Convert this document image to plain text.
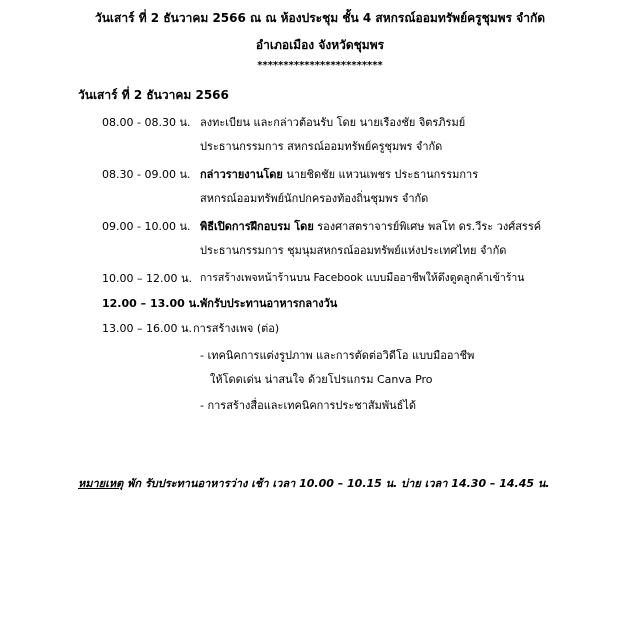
วันเสาร์ ที่ 2 ธันวาคม 2566 ณ ณ ห้องประชุม ชั้น 4 สหกรณ์ออมทรัพย์ครูชุมพร จำกัด
อำเภอเมือง จังหวัดชุมพร
************************
วันเสาร์ ที่ 2 ธันวาคม 2566
08.00 - 08.30 น. ลงทะเบียน และกล่าวต้อนรับ โดย นายเรืองชัย จิตรภิรมย์
ประธานกรรมการ สหกรณ์ออมทรัพย์ครูชุมพร จำกัด
08.30 - 09.00 น. กล่าวรายงานโดย นายชิดชัย แหวนเพชร ประธานกรรมการ
สหกรณ์ออมทรัพย์นักปกครองท้องถิ่นชุมพร จำกัด
09.00 - 10.00 น. พิธีเปิดการฝึกอบรม โดย รองศาสตราจารย์พิเศษ พลโท ดร.วีระ วงศ์สรรค์
ประธานกรรมการ ชุมนุมสหกรณ์ออมทรัพย์แห่งประเทศไทย จำกัด
10.00 – 12.00 น. การสร้างเพจหน้าร้านบน Facebook แบบมืออาชีพให้ดึงดูดลูกค้าเข้าร้าน
12.00 – 13.00 น. พักรับประทานอาหารกลางวัน
13.00 – 16.00 น. การสร้างเพจ (ต่อ)
- เทคนิคการแต่งรูปภาพ และการตัดต่อวิดีโอ แบบมืออาชีพ
ให้โดดเด่น น่าสนใจ ด้วยโปรแกรม Canva Pro
- การสร้างสื่อและเทคนิคการประชาสัมพันธ์ได้
หมายเหตุ พัก รับประทานอาหารว่าง เช้า เวลา 10.00 – 10.15 น. บ่าย เวลา 14.30 – 14.45 น.
